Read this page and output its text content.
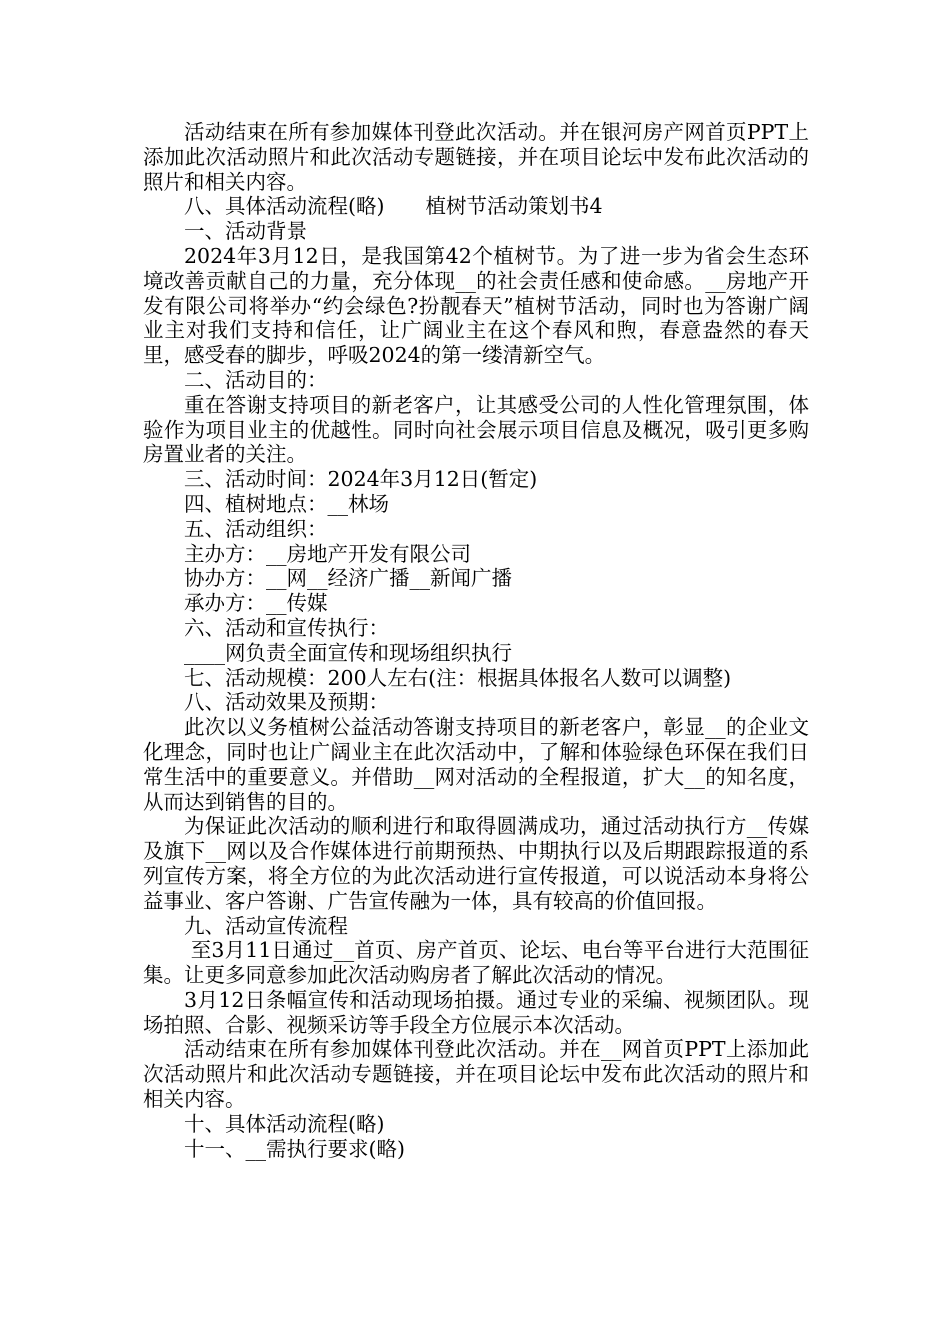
活动结束在所有参加媒体刊登此次活动。并在银河房产网首页PPT上添加此次活动照片和此次活动专题链接，并在项目论坛中发布此次活动的照片和相关内容。

八、具体活动流程(略)　　植树节活动策划书4

一、活动背景

2024年3月12日，是我国第42个植树节。为了进一步为省会生态环境改善贡献自己的力量，充分体现__的社会责任感和使命感。__房地产开发有限公司将举办“约会绿色?扮靓春天”植树节活动，同时也为答谢广阔业主对我们支持和信任，让广阔业主在这个春风和煦，春意盎然的春天里，感受春的脚步，呼吸2024的第一缕清新空气。

二、活动目的：

重在答谢支持项目的新老客户，让其感受公司的人性化管理氛围，体验作为项目业主的优越性。同时向社会展示项目信息及概况，吸引更多购房置业者的关注。

三、活动时间：2024年3月12日(暂定)

四、植树地点：__林场

五、活动组织：

主办方：__房地产开发有限公司

协办方：__网__经济广播__新闻广播

承办方：__传媒

六、活动和宣传执行：

____网负责全面宣传和现场组织执行

七、活动规模：200人左右(注：根据具体报名人数可以调整)

八、活动效果及预期：

此次以义务植树公益活动答谢支持项目的新老客户，彰显__的企业文化理念，同时也让广阔业主在此次活动中，了解和体验绿色环保在我们日常生活中的重要意义。并借助__网对活动的全程报道，扩大__的知名度，从而达到销售的目的。

为保证此次活动的顺利进行和取得圆满成功，通过活动执行方__传媒及旗下__网以及合作媒体进行前期预热、中期执行以及后期跟踪报道的系列宣传方案，将全方位的为此次活动进行宣传报道，可以说活动本身将公益事业、客户答谢、广告宣传融为一体，具有较高的价值回报。

九、活动宣传流程

至3月11日通过__首页、房产首页、论坛、电台等平台进行大范围征集。让更多同意参加此次活动购房者了解此次活动的情况。

3月12日条幅宣传和活动现场拍摄。通过专业的采编、视频团队。现场拍照、合影、视频采访等手段全方位展示本次活动。

活动结束在所有参加媒体刊登此次活动。并在__网首页PPT上添加此次活动照片和此次活动专题链接，并在项目论坛中发布此次活动的照片和相关内容。

十、具体活动流程(略)

十一、__需执行要求(略)
